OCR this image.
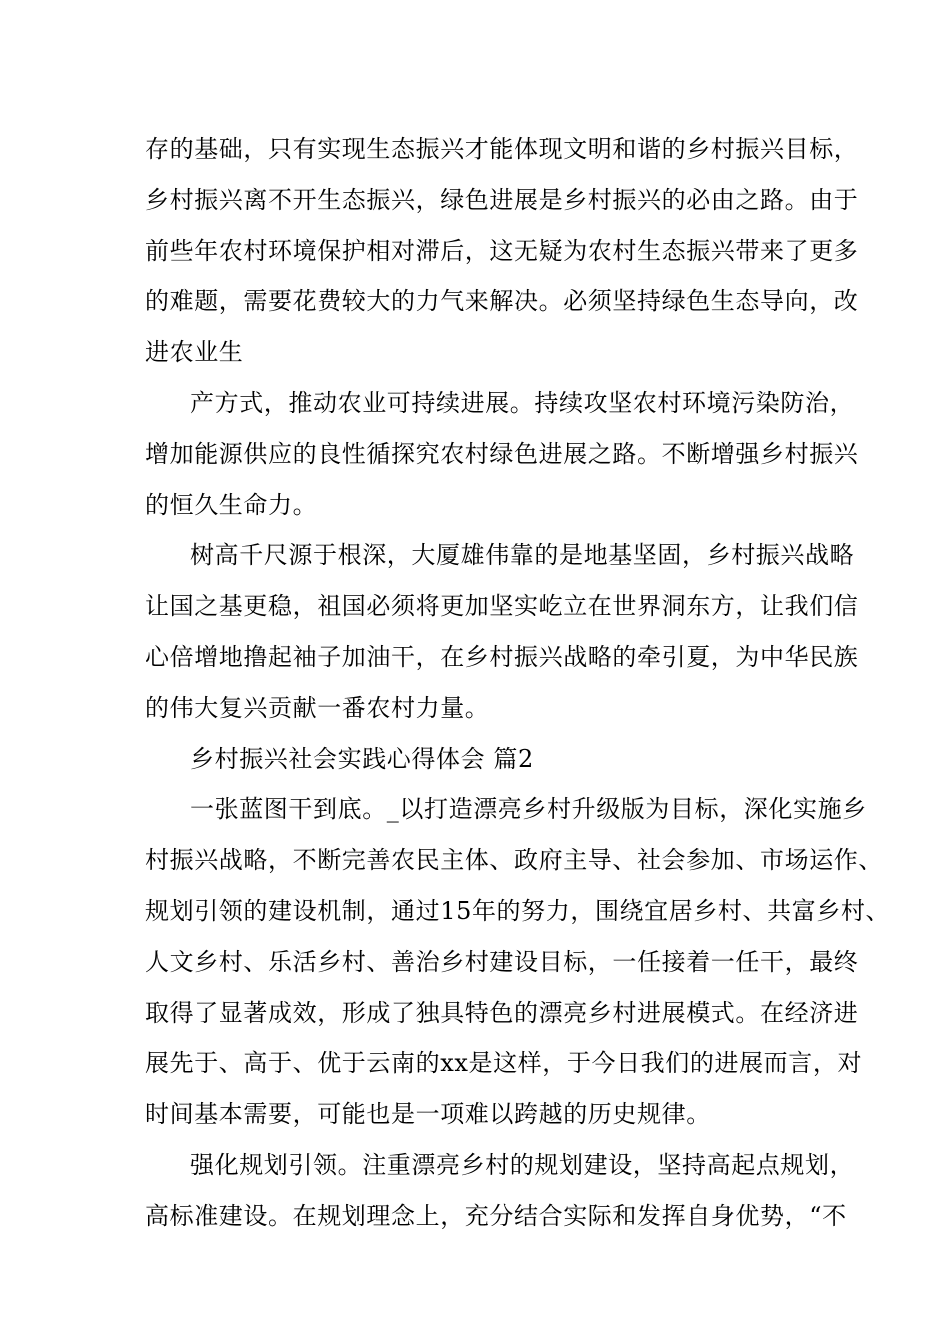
存的基础，只有实现生态振兴才能体现文明和谐的乡村振兴目标，
乡村振兴离不开生态振兴，绿色进展是乡村振兴的必由之路。由于
前些年农村环境保护相对滞后，这无疑为农村生态振兴带来了更多
的难题，需要花费较大的力气来解决。必须坚持绿色生态导向，改
进农业生
产方式，推动农业可持续进展。持续攻坚农村环境污染防治，
增加能源供应的良性循探究农村绿色进展之路。不断增强乡村振兴
的恒久生命力。
树高千尺源于根深，大厦雄伟靠的是地基坚固，乡村振兴战略
让国之基更稳，祖国必须将更加坚实屹立在世界洞东方，让我们信
心倍增地撸起袖子加油干，在乡村振兴战略的牵引夏，为中华民族
的伟大复兴贡献一番农村力量。
乡村振兴社会实践心得体会 篇2
一张蓝图干到底。_以打造漂亮乡村升级版为目标，深化实施乡
村振兴战略，不断完善农民主体、政府主导、社会参加、市场运作、
规划引领的建设机制，通过15年的努力，围绕宜居乡村、共富乡村、
人文乡村、乐活乡村、善治乡村建设目标，一任接着一任干，最终
取得了显著成效，形成了独具特色的漂亮乡村进展模式。在经济进
展先于、高于、优于云南的xx是这样，于今日我们的进展而言，对
时间基本需要，可能也是一项难以跨越的历史规律。
强化规划引领。注重漂亮乡村的规划建设，坚持高起点规划，
高标准建设。在规划理念上，充分结合实际和发挥自身优势，“不
